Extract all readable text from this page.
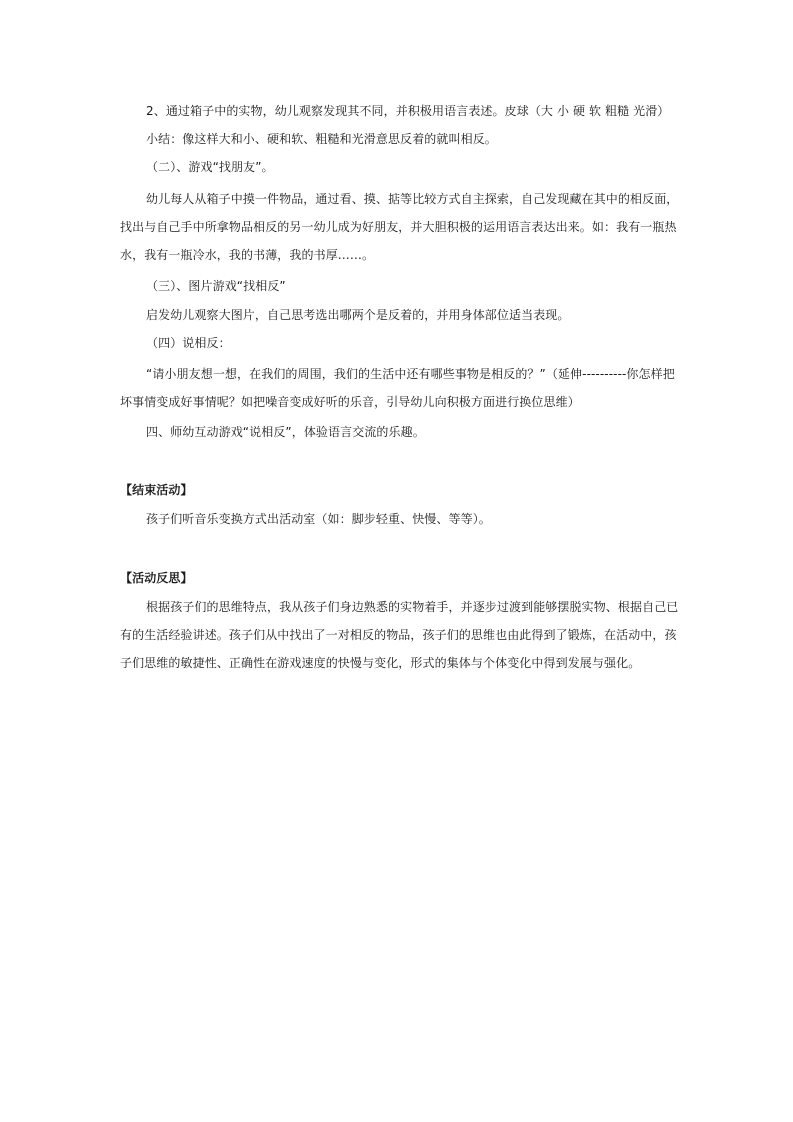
2、通过箱子中的实物，幼儿观察发现其不同，并积极用语言表述。皮球（大 小 硬 软 粗糙 光滑）
小结：像这样大和小、硬和软、粗糙和光滑意思反着的就叫相反。
（二）、游戏“找朋友”。
幼儿每人从箱子中摸一件物品，通过看、摸、掂等比较方式自主探索，自己发现藏在其中的相反面，
找出与自己手中所拿物品相反的另一幼儿成为好朋友，并大胆积极的运用语言表达出来。如：我有一瓶热
水，我有一瓶冷水，我的书薄，我的书厚……。
（三）、图片游戏“找相反”
启发幼儿观察大图片，自己思考选出哪两个是反着的，并用身体部位适当表现。
（四）说相反：
“请小朋友想一想，在我们的周围，我们的生活中还有哪些事物是相反的？”（延伸----------你怎样把
坏事情变成好事情呢？如把噪音变成好听的乐音，引导幼儿向积极方面进行换位思维）
四、师幼互动游戏“说相反”，体验语言交流的乐趣。
【结束活动】
孩子们听音乐变换方式出活动室（如：脚步轻重、快慢、等等）。
【活动反思】
根据孩子们的思维特点，我从孩子们身边熟悉的实物着手，并逐步过渡到能够摆脱实物、根据自己已
有的生活经验讲述。孩子们从中找出了一对相反的物品，孩子们的思维也由此得到了锻炼，在活动中，孩
子们思维的敏捷性、正确性在游戏速度的快慢与变化，形式的集体与个体变化中得到发展与强化。
